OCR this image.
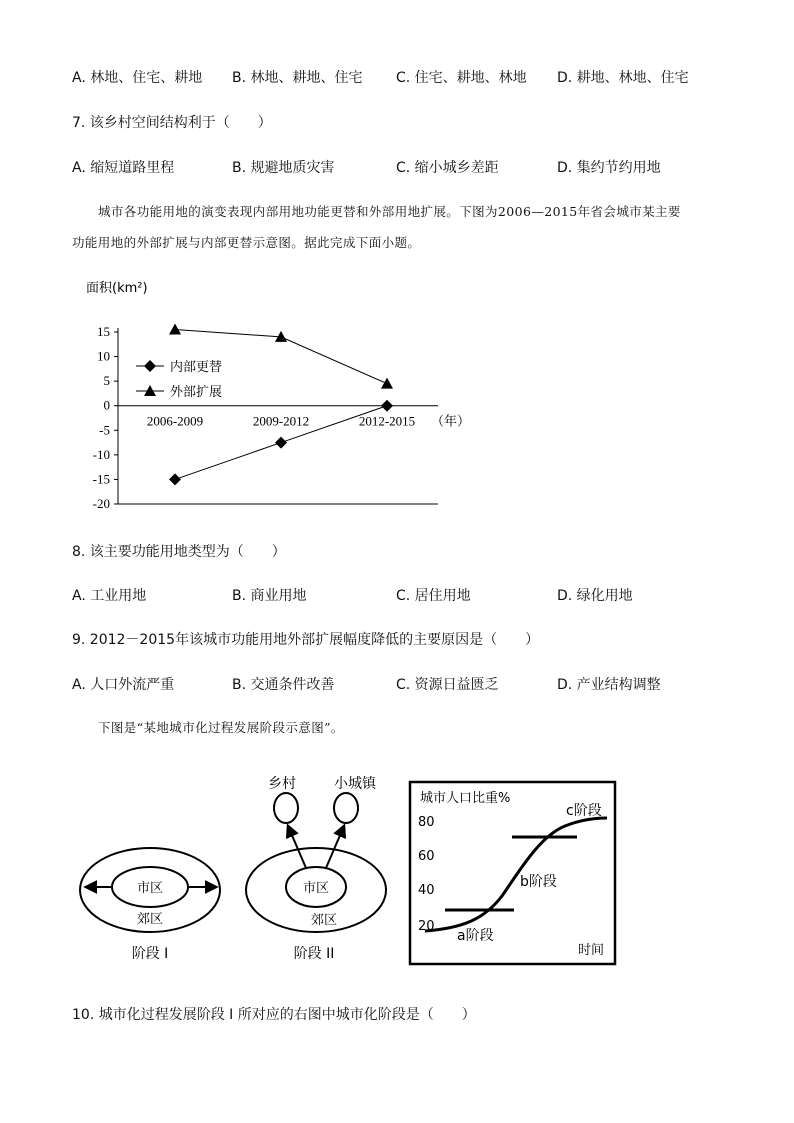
A. 林地、住宅、耕地 B. 林地、耕地、住宅 C. 住宅、耕地、林地 D. 耕地、林地、住宅
7. 该乡村空间结构利于（　　）
A. 缩短道路里程	B. 规避地质灾害	C. 缩小城乡差距	D. 集约节约用地
城市各功能用地的演变表现内部用地功能更替和外部用地扩展。下图为2006—2015年省会城市某主要
功能用地的外部扩展与内部更替示意图。据此完成下面小题。
面积(km²)
15
10
5
0
-5
-10
-15
-20
2006-2009	2009-2012	2012-2015 （年）
内部更替
外部扩展
8. 该主要功能用地类型为（　　）
A. 工业用地	B. 商业用地	C. 居住用地	D. 绿化用地
9. 2012－2015年该城市功能用地外部扩展幅度降低的主要原因是（　　）
A. 人口外流严重	B. 交通条件改善	C. 资源日益匮乏	D. 产业结构调整
下图是“某地城市化过程发展阶段示意图”。
市区
郊区
阶段 I
乡村	小城镇
市区
郊区
阶段 II
城市人口比重%
80
60
40
20
a阶段
b阶段
c阶段
时间
10. 城市化过程发展阶段 I 所对应的右图中城市化阶段是（　　）
